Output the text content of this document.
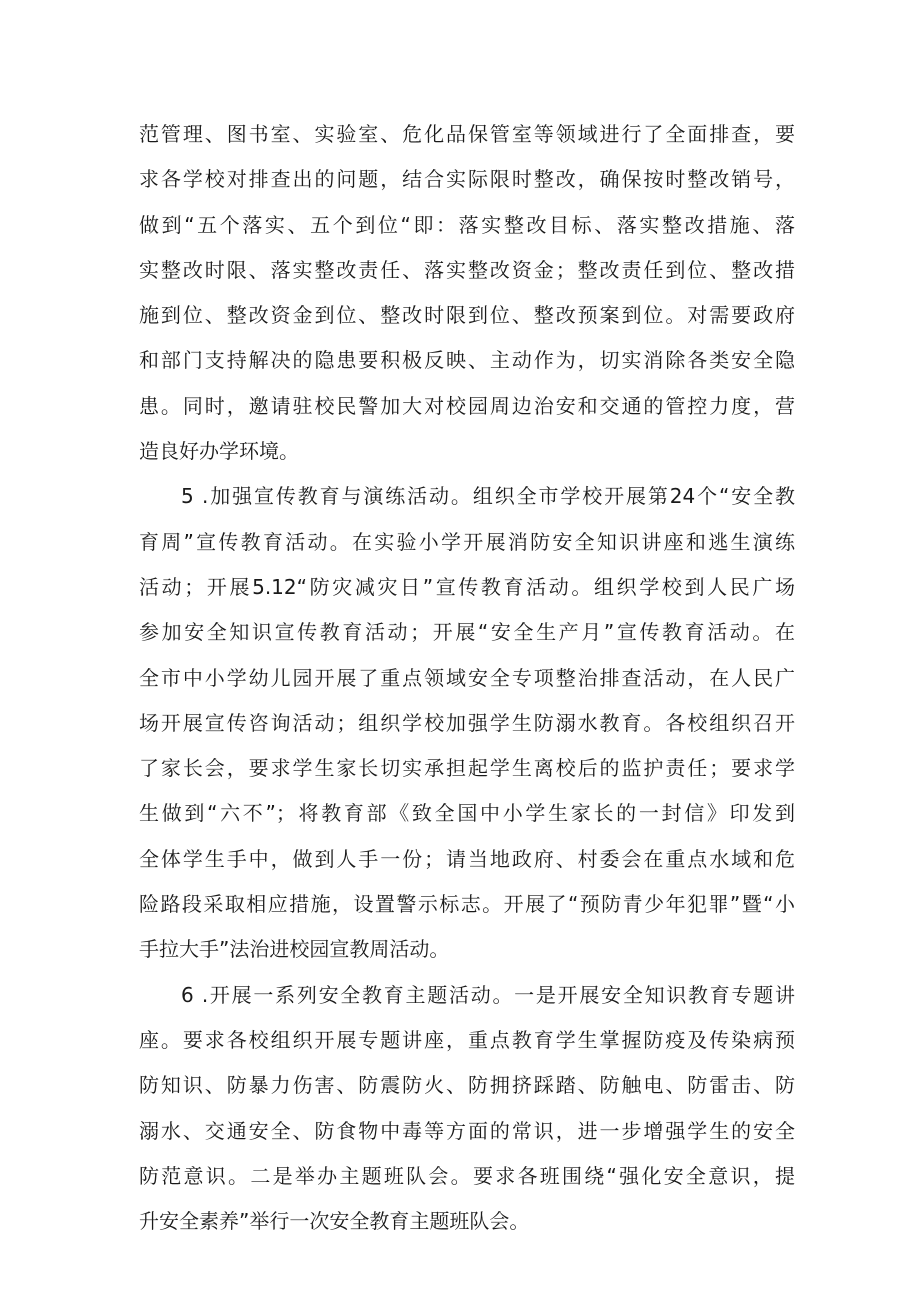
范管理、图书室、实验室、危化品保管室等领域进行了全面排查，要
求各学校对排查出的问题，结合实际限时整改，确保按时整改销号，
做到“五个落实、五个到位“即：落实整改目标、落实整改措施、落
实整改时限、落实整改责任、落实整改资金；整改责任到位、整改措
施到位、整改资金到位、整改时限到位、整改预案到位。对需要政府
和部门支持解决的隐患要积极反映、主动作为，切实消除各类安全隐
患。同时，邀请驻校民警加大对校园周边治安和交通的管控力度，营
造良好办学环境。
5 .加强宣传教育与演练活动。组织全市学校开展第24个“安全教
育周”宣传教育活动。在实验小学开展消防安全知识讲座和逃生演练
活动；开展5.12“防灾减灾日”宣传教育活动。组织学校到人民广场
参加安全知识宣传教育活动；开展“安全生产月”宣传教育活动。在
全市中小学幼儿园开展了重点领域安全专项整治排查活动，在人民广
场开展宣传咨询活动；组织学校加强学生防溺水教育。各校组织召开
了家长会，要求学生家长切实承担起学生离校后的监护责任；要求学
生做到“六不”；将教育部《致全国中小学生家长的一封信》印发到
全体学生手中，做到人手一份；请当地政府、村委会在重点水域和危
险路段采取相应措施，设置警示标志。开展了“预防青少年犯罪”暨“小
手拉大手”法治进校园宣教周活动。
6 .开展一系列安全教育主题活动。一是开展安全知识教育专题讲
座。要求各校组织开展专题讲座，重点教育学生掌握防疫及传染病预
防知识、防暴力伤害、防震防火、防拥挤踩踏、防触电、防雷击、防
溺水、交通安全、防食物中毒等方面的常识，进一步增强学生的安全
防范意识。二是举办主题班队会。要求各班围绕“强化安全意识，提
升安全素养”举行一次安全教育主题班队会。
